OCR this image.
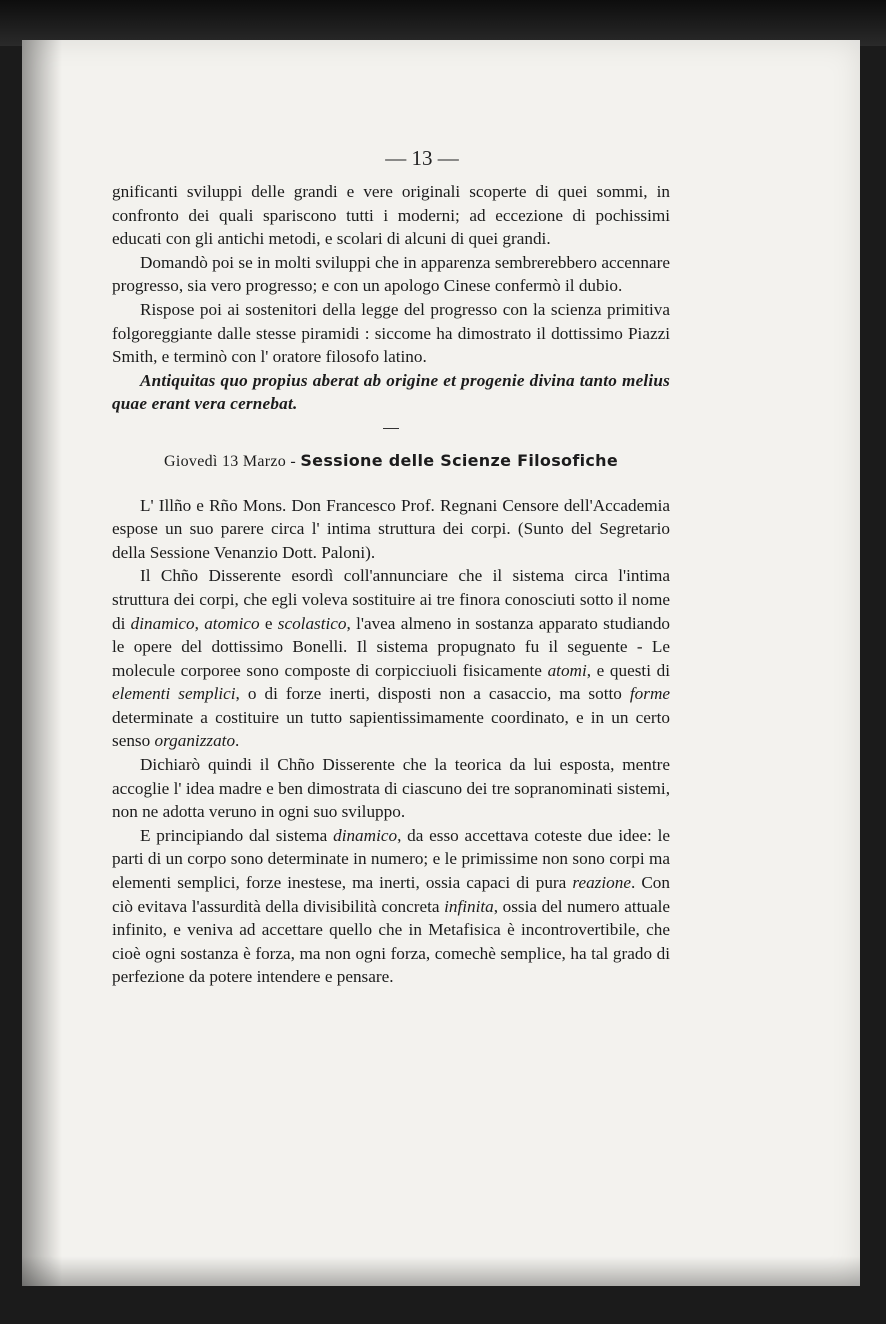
— 13 —

gnificanti sviluppi delle grandi e vere originali scoperte di quei sommi, in confronto dei quali spariscono tutti i moderni; ad eccezione di pochissimi educati con gli antichi metodi, e scolari di alcuni di quei grandi.

Domandò poi se in molti sviluppi che in apparenza sembrerebbero accennare progresso, sia vero progresso; e con un apologo Cinese confermò il dubio.

Rispose poi ai sostenitori della legge del progresso con la scienza primitiva folgoreggiante dalle stesse piramidi : siccome ha dimostrato il dottissimo Piazzi Smith, e terminò con l' oratore filosofo latino.

Antiquitas quo propius aberat ab origine et progenie divina tanto melius quae erant vera cernebat.

Giovedì 13 Marzo - Sessione delle Scienze Filosofiche

L' Illño e Rño Mons. Don Francesco Prof. Regnani Censore dell'Accademia espose un suo parere circa l' intima struttura dei corpi. (Sunto del Segretario della Sessione Venanzio Dott. Paloni).

Il Chño Disserente esordì coll'annunciare che il sistema circa l'intima struttura dei corpi, che egli voleva sostituire ai tre finora conosciuti sotto il nome di dinamico, atomico e scolastico, l'avea almeno in sostanza apparato studiando le opere del dottissimo Bonelli. Il sistema propugnato fu il seguente - Le molecule corporee sono composte di corpicciuoli fisicamente atomi, e questi di elementi semplici, o di forze inerti, disposti non a casaccio, ma sotto forme determinate a costituire un tutto sapientissimamente coordinato, e in un certo senso organizzato.

Dichiarò quindi il Chño Disserente che la teorica da lui esposta, mentre accoglie l' idea madre e ben dimostrata di ciascuno dei tre sopranominati sistemi, non ne adotta veruno in ogni suo sviluppo.

E principiando dal sistema dinamico, da esso accettava coteste due idee: le parti di un corpo sono determinate in numero; e le primissime non sono corpi ma elementi semplici, forze inestese, ma inerti, ossia capaci di pura reazione. Con ciò evitava l'assurdità della divisibilità concreta infinita, ossia del numero attuale infinito, e veniva ad accettare quello che in Metafisica è incontrovertibile, che cioè ogni sostanza è forza, ma non ogni forza, comechè semplice, ha tal grado di perfezione da potere intendere e pensare.
